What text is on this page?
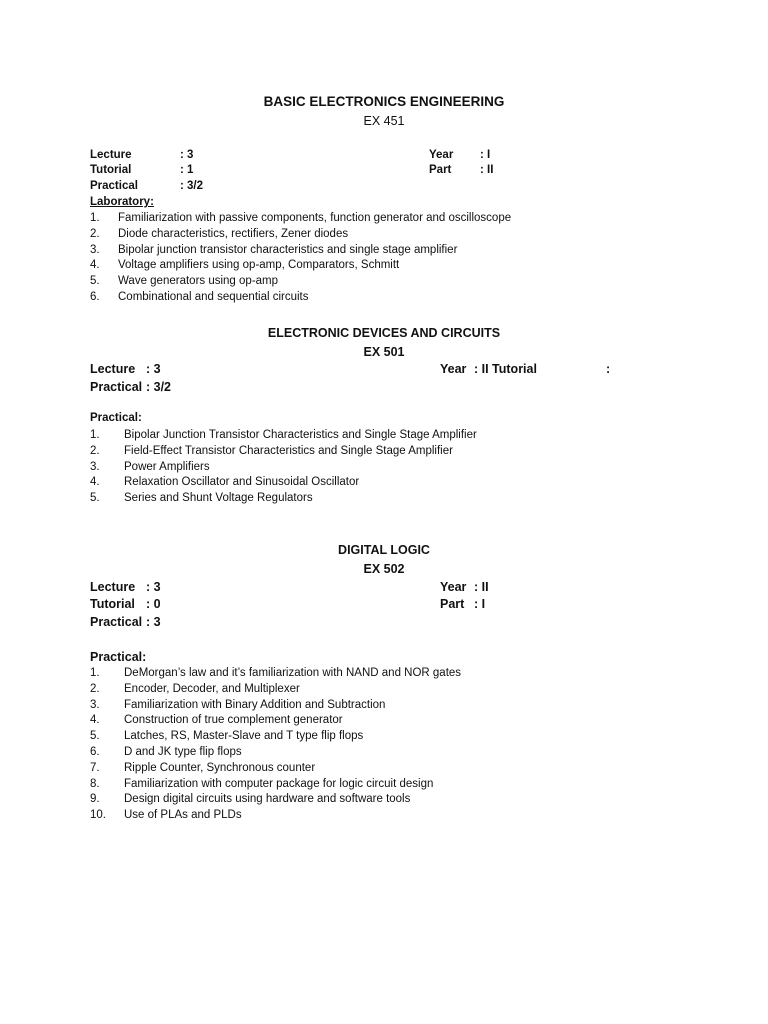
BASIC ELECTRONICS ENGINEERING
EX 451
Lecture	: 3
Tutorial	: 1
Practical	: 3/2
Year : I
Part : II
Laboratory:
1. Familiarization with passive components, function generator and oscilloscope
2. Diode characteristics, rectifiers, Zener diodes
3. Bipolar junction transistor characteristics and single stage amplifier
4. Voltage amplifiers using op-amp, Comparators, Schmitt
5. Wave generators using op-amp
6. Combinational and sequential circuits
ELECTRONIC DEVICES AND CIRCUITS
EX 501
Lecture : 3
Practical : 3/2
Year : II Tutorial	:
Practical:
1. Bipolar Junction Transistor Characteristics and Single Stage Amplifier
2. Field-Effect Transistor Characteristics and Single Stage Amplifier
3. Power Amplifiers
4. Relaxation Oscillator and Sinusoidal Oscillator
5. Series and Shunt Voltage Regulators
DIGITAL LOGIC
EX 502
Lecture : 3
Tutorial : 0
Practical : 3
Year : II
Part : I
Practical:
1. DeMorgan’s law and it’s familiarization with NAND and NOR gates
2. Encoder, Decoder, and Multiplexer
3. Familiarization with Binary Addition and Subtraction
4. Construction of true complement generator
5. Latches, RS, Master-Slave and T type flip flops
6. D and JK type flip flops
7. Ripple Counter, Synchronous counter
8. Familiarization with computer package for logic circuit design
9. Design digital circuits using hardware and software tools
10. Use of PLAs and PLDs
